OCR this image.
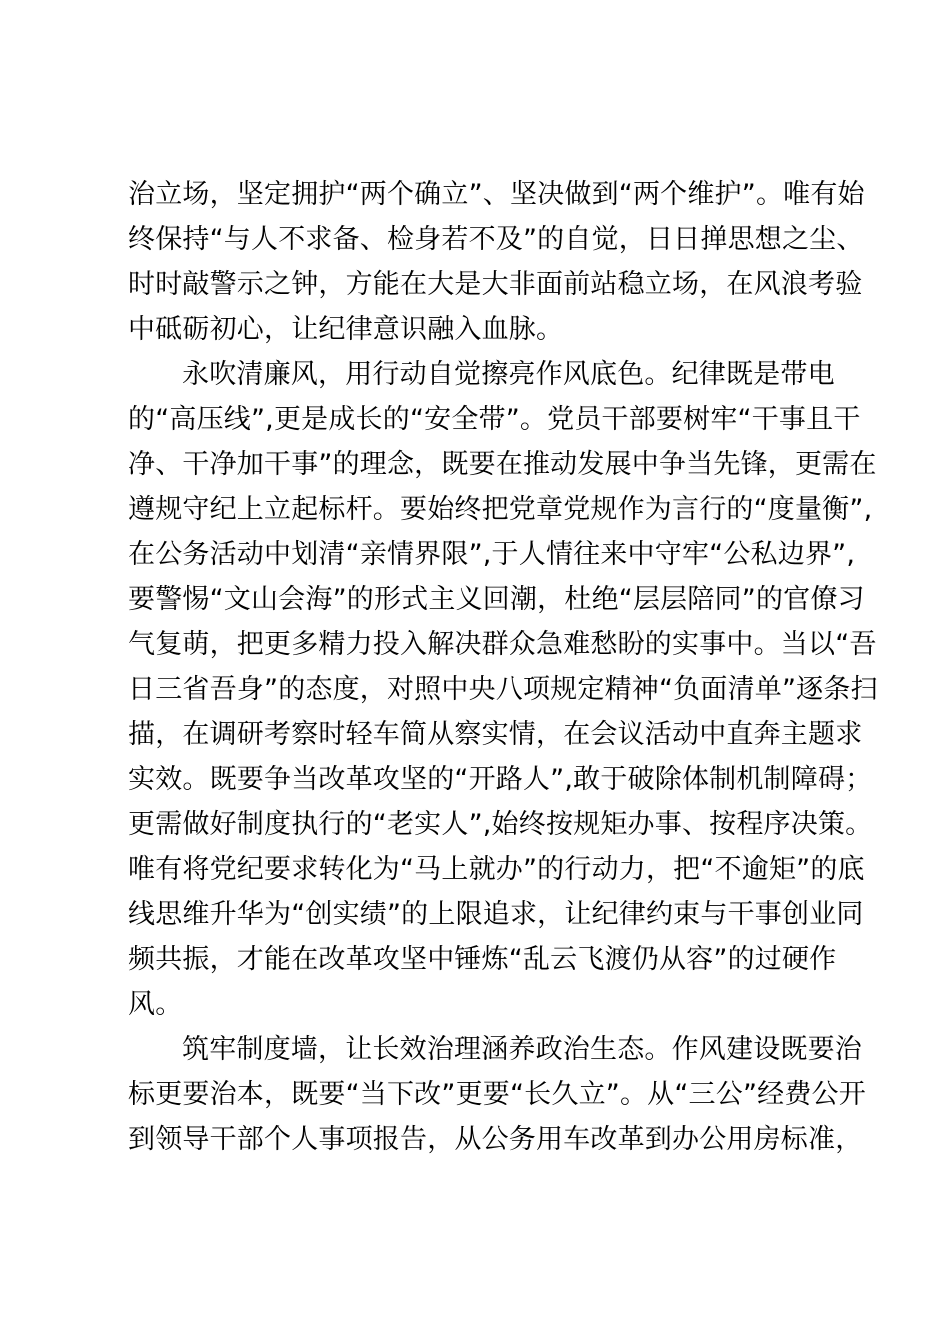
治立场，坚定拥护“两个确立”、坚决做到“两个维护”。唯有始
终保持“与人不求备、检身若不及”的自觉，日日掸思想之尘、
时时敲警示之钟，方能在大是大非面前站稳立场，在风浪考验
中砥砺初心，让纪律意识融入血脉。
永吹清廉风，用行动自觉擦亮作风底色。纪律既是带电
的“高压线”,更是成长的“安全带”。党员干部要树牢“干事且干
净、干净加干事”的理念，既要在推动发展中争当先锋，更需在
遵规守纪上立起标杆。要始终把党章党规作为言行的“度量衡”,
在公务活动中划清“亲情界限”,于人情往来中守牢“公私边界”,
要警惕“文山会海”的形式主义回潮，杜绝“层层陪同”的官僚习
气复萌，把更多精力投入解决群众急难愁盼的实事中。当以“吾
日三省吾身”的态度，对照中央八项规定精神“负面清单”逐条扫
描，在调研考察时轻车简从察实情，在会议活动中直奔主题求
实效。既要争当改革攻坚的“开路人”,敢于破除体制机制障碍；
更需做好制度执行的“老实人”,始终按规矩办事、按程序决策。
唯有将党纪要求转化为“马上就办”的行动力，把“不逾矩”的底
线思维升华为“创实绩”的上限追求，让纪律约束与干事创业同
频共振，才能在改革攻坚中锤炼“乱云飞渡仍从容”的过硬作
风。
筑牢制度墙，让长效治理涵养政治生态。作风建设既要治
标更要治本，既要“当下改”更要“长久立”。从“三公”经费公开
到领导干部个人事项报告，从公务用车改革到办公用房标准，
